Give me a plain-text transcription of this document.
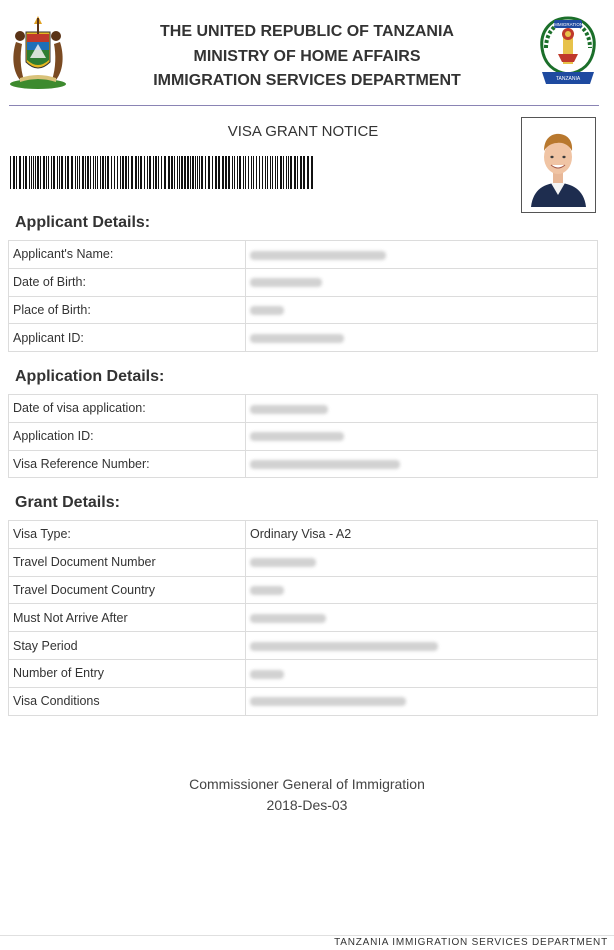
THE UNITED REPUBLIC OF TANZANIA
MINISTRY OF HOME AFFAIRS
IMMIGRATION SERVICES DEPARTMENT
IMMIGRATION
TANZANIA
VISA GRANT NOTICE
Applicant Details:
Applicant's Name:	
Date of Birth:	
Place of Birth:	
Applicant ID:	
Application Details:
Date of visa application:	
Application ID:	
Visa Reference Number:	
Grant Details:
Visa Type:	Ordinary Visa - A2
Travel Document Number	
Travel Document Country	
Must Not Arrive After	
Stay Period	
Number of Entry	
Visa Conditions	
Commissioner General of Immigration
2018-Des-03
TANZANIA IMMIGRATION SERVICES DEPARTMENT
